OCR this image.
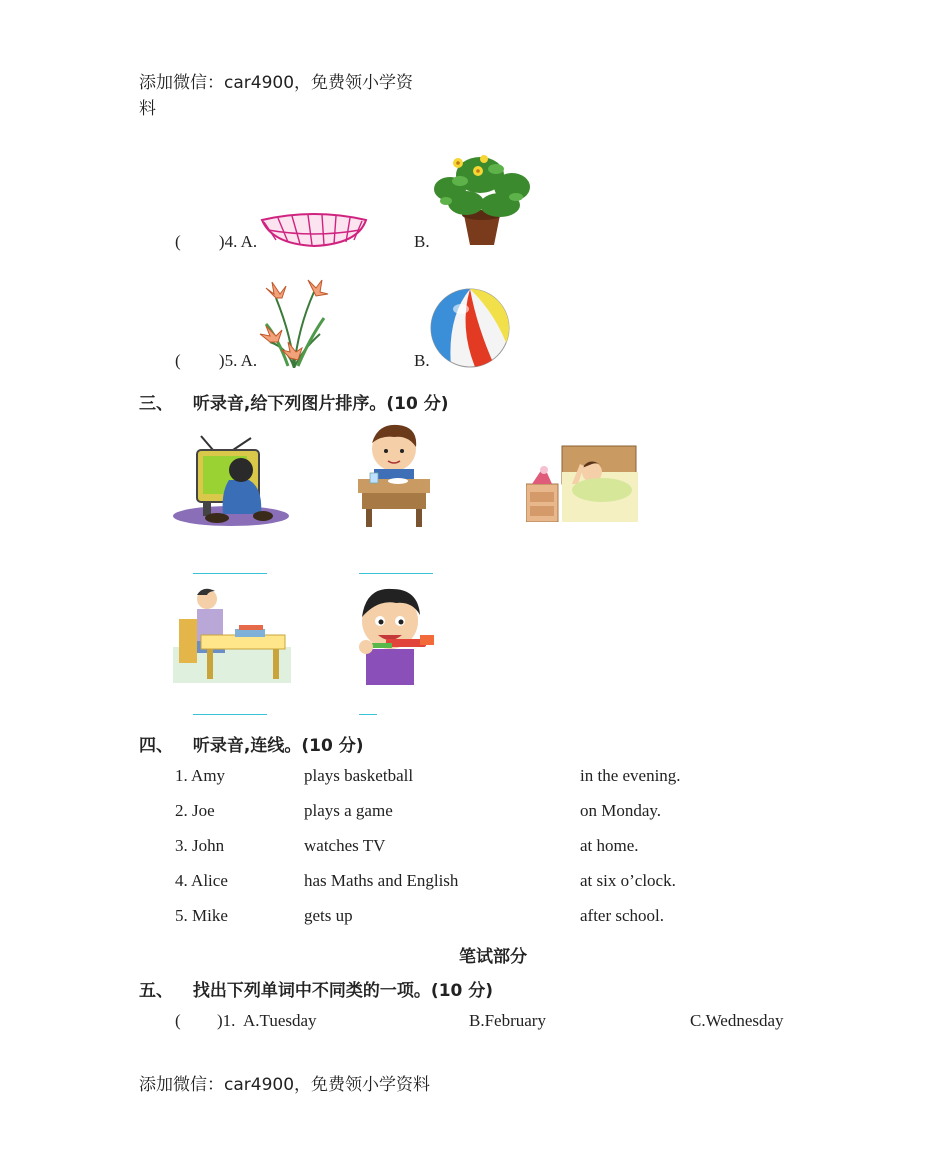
添加微信：car4900，免费领小学资
料
( )4. A.	B.
( )5. A.	B.
三、 听录音,给下列图片排序。(10 分)
四、 听录音,连线。(10 分)
1. Amy	plays basketball	in the evening.
2. Joe	plays a game	on Monday.
3. John	watches TV	at home.
4. Alice	has Maths and English	at six o’clock.
5. Mike	gets up	after school.
笔试部分
五、 找出下列单词中不同类的一项。(10 分)
( )1. A.Tuesday	B.February	C.Wednesday
添加微信：car4900，免费领小学资料
